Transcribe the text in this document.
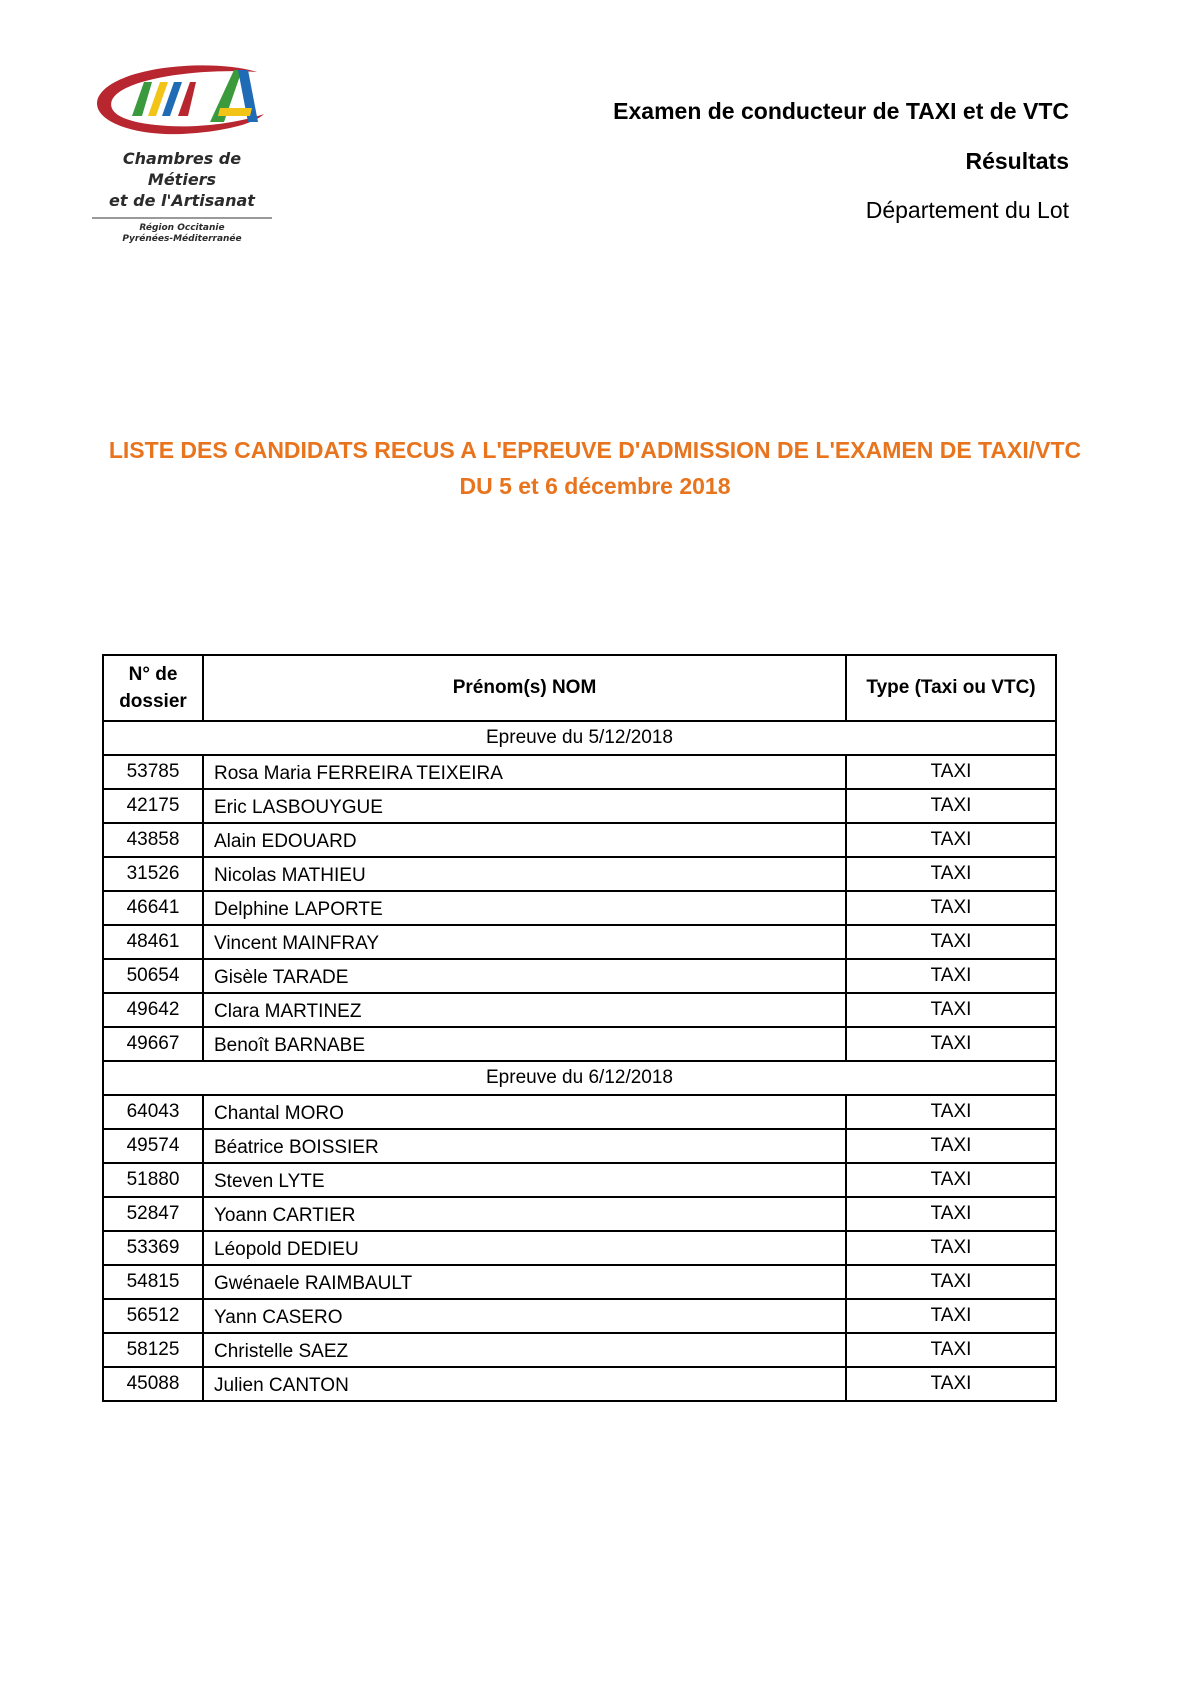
Chambres de Métiers
et de l'Artisanat
Région Occitanie
Pyrénées-Méditerranée
Examen de conducteur de TAXI et de VTC
Résultats
Département du Lot
LISTE DES CANDIDATS RECUS A L'EPREUVE D'ADMISSION DE L'EXAMEN DE TAXI/VTC
DU 5 et 6 décembre 2018
N° de dossier	Prénom(s) NOM	Type (Taxi ou VTC)
Epreuve du 5/12/2018		
53785	Rosa Maria FERREIRA TEIXEIRA	TAXI
42175	Eric LASBOUYGUE	TAXI
43858	Alain EDOUARD	TAXI
31526	Nicolas MATHIEU	TAXI
46641	Delphine LAPORTE	TAXI
48461	Vincent MAINFRAY	TAXI
50654	Gisèle TARADE	TAXI
49642	Clara MARTINEZ	TAXI
49667	Benoît BARNABE	TAXI
Epreuve du 6/12/2018		
64043	Chantal MORO	TAXI
49574	Béatrice BOISSIER	TAXI
51880	Steven LYTE	TAXI
52847	Yoann CARTIER	TAXI
53369	Léopold DEDIEU	TAXI
54815	Gwénaele RAIMBAULT	TAXI
56512	Yann CASERO	TAXI
58125	Christelle SAEZ	TAXI
45088	Julien CANTON	TAXI
